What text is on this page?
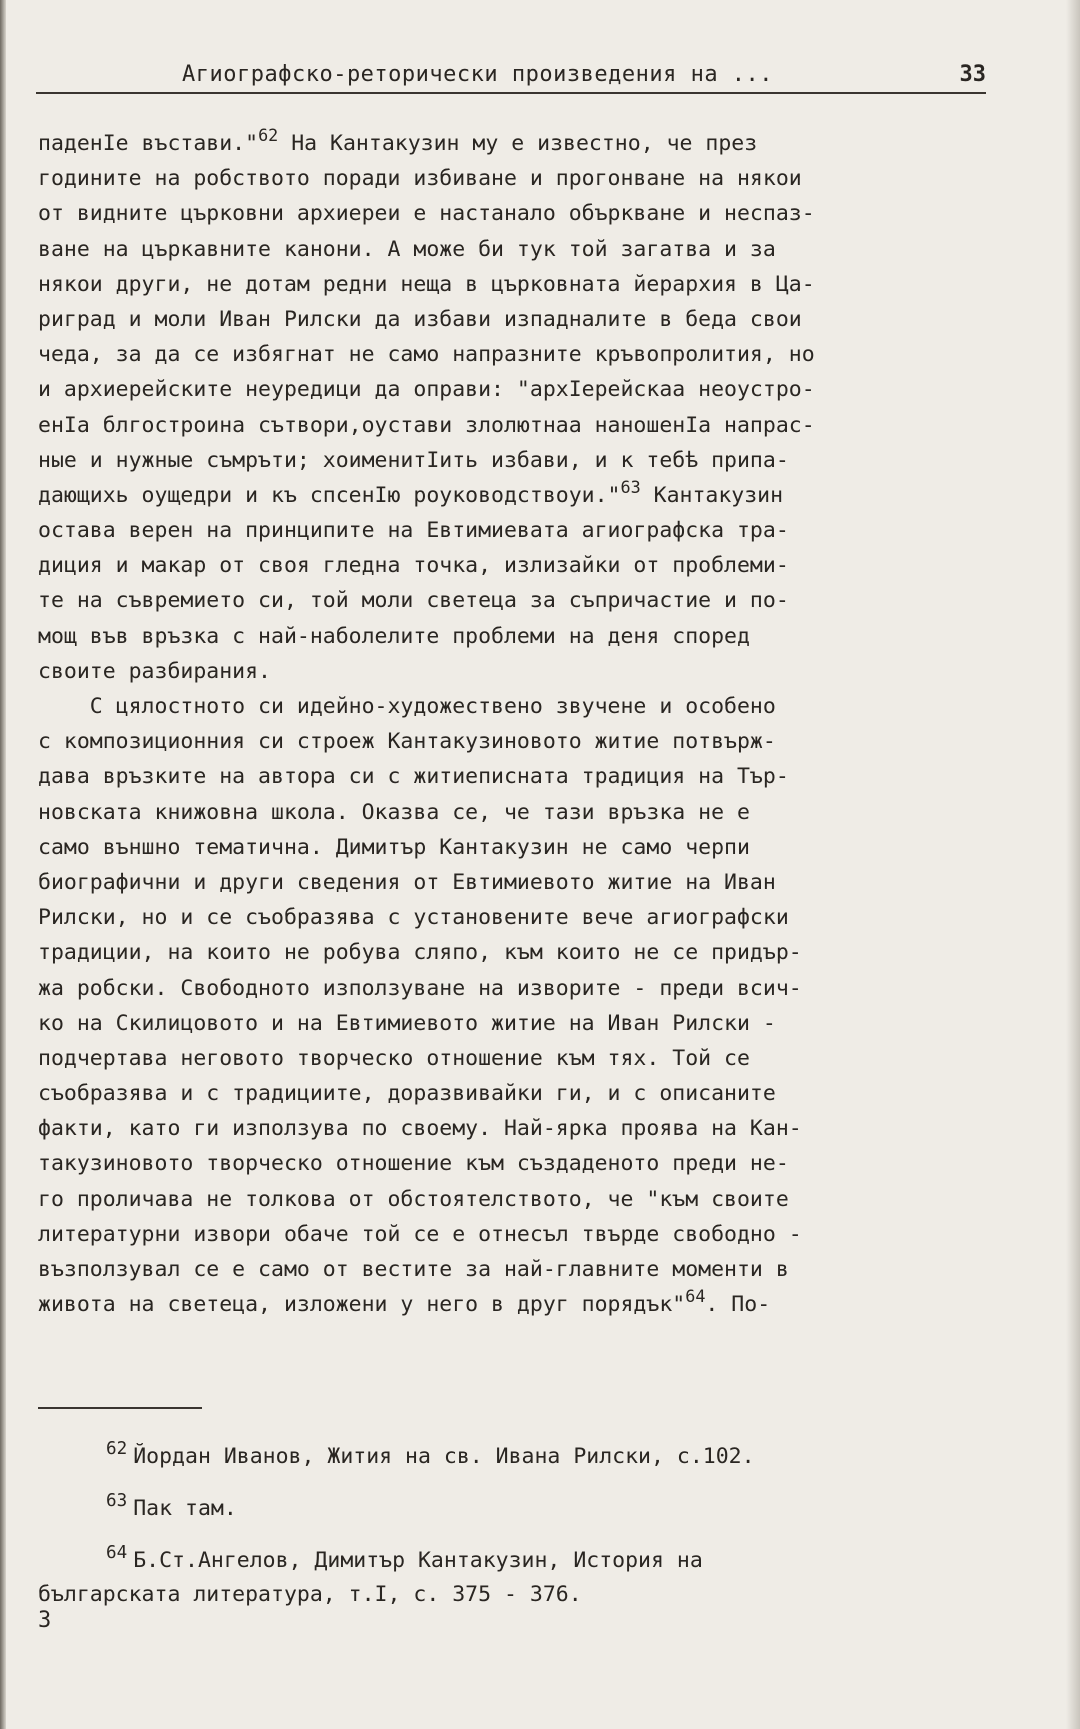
Агиографско-реторически произведения на ...	33
паденІе въстави."$^{62}$ На Кантакузин му е известно, че през
годините на робството поради избиване и прогонване на някои
от видните църковни архиереи е настанало объркване и неспаз-
ване на църкавните канони. А може би тук той загатва и за
някои други, не дотам редни неща в църковната йерархия в Ца-
риград и моли Иван Рилски да избави изпадналите в беда свои
чеда, за да се избягнат не само напразните кръвопролития, но
и архиерейските неуредици да оправи: "архІерейскаа неоустро-
енІа блгостроина сътвори,оустави злолютнаа наношенІа напрас-
ные и нужные съмръти; хоименитІить избави, и к тебѣ припа-
дающихь оущедри и къ спсенІю роуководствоуи."$^{63}$ Кантакузин
остава верен на принципите на Евтимиевата агиографска тра-
диция и макар от своя гледна точка, излизайки от проблеми-
те на съвремието си, той моли светеца за съпричастие и по-
мощ във връзка с най-наболелите проблеми на деня според
своите разбирания.
С цялостното си идейно-художествено звучене и особено
с композиционния си строеж Кантакузиновото житие потвърж-
дава връзките на автора си с житиеписната традиция на Тър-
новската книжовна школа. Оказва се, че тази връзка не е
само външно тематична. Димитър Кантакузин не само черпи
биографични и други сведения от Евтимиевото житие на Иван
Рилски, но и се съобразява с установените вече агиографски
традиции, на които не робува сляпо, към които не се придър-
жа робски. Свободното използуване на изворите - преди всич-
ко на Скилицовото и на Евтимиевото житие на Иван Рилски -
подчертава неговото творческо отношение към тях. Той се
съобразява и с традициите, доразвивайки ги, и с описаните
факти, като ги използува по своему. Най-ярка проява на Кан-
такузиновото творческо отношение към създаденото преди не-
го проличава не толкова от обстоятелството, че "към своите
литературни извори обаче той се е отнесъл твърде свободно -
възползувал се е само от вестите за най-главните моменти в
живота на светеца, изложени у него в друг порядък"$^{64}$. По-
$^{62}$ Йордан Иванов, Жития на св. Ивана Рилски, с.102.
$^{63}$ Пак там.
$^{64}$ Б.Ст.Ангелов, Димитър Кантакузин, История на
българската литература, т.I, с. 375 - 376.
3
